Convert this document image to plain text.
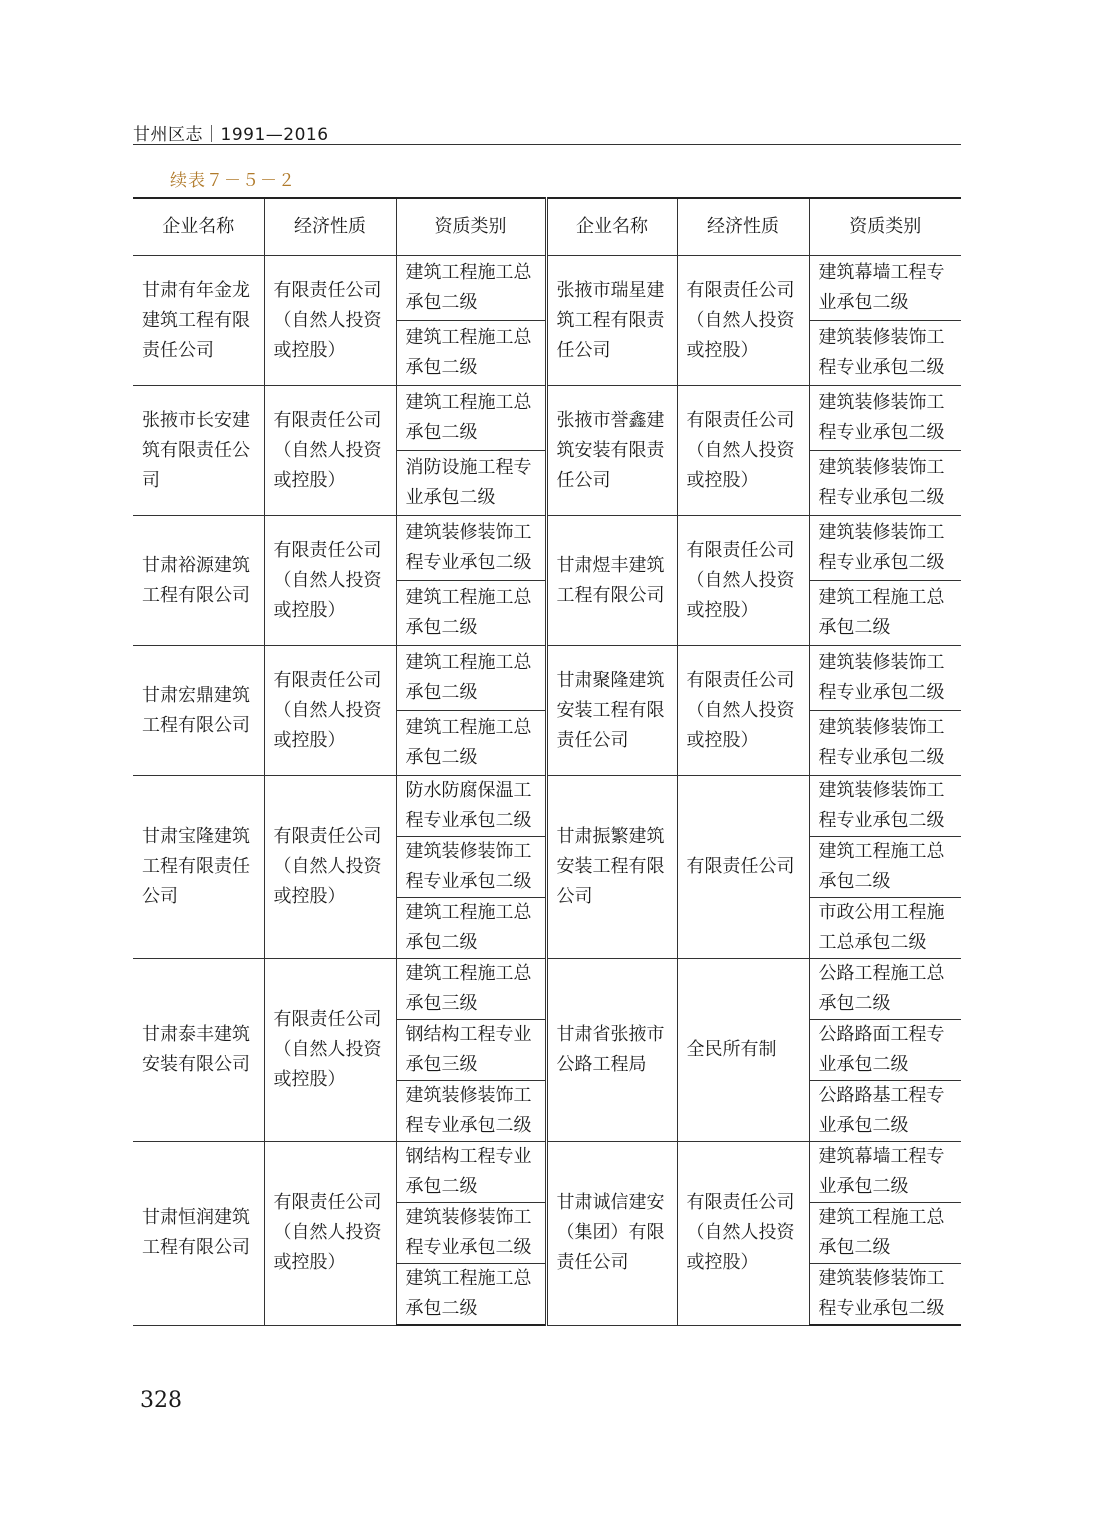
甘州区志｜1991—2016
续表７－５－２
企业名称	经济性质	资质类别	企业名称	经济性质	资质类别
甘肃有年金龙建筑工程有限责任公司	有限责任公司（自然人投资或控股）	建筑工程施工总承包二级	张掖市瑞星建筑工程有限责任公司	有限责任公司（自然人投资或控股）	建筑幕墙工程专业承包二级
		建筑工程施工总承包二级			建筑装修装饰工程专业承包二级
张掖市长安建筑有限责任公司	有限责任公司（自然人投资或控股）	建筑工程施工总承包二级	张掖市誉鑫建筑安装有限责任公司	有限责任公司（自然人投资或控股）	建筑装修装饰工程专业承包二级
		消防设施工程专业承包二级			建筑装修装饰工程专业承包二级
甘肃裕源建筑工程有限公司	有限责任公司（自然人投资或控股）	建筑装修装饰工程专业承包二级	甘肃煜丰建筑工程有限公司	有限责任公司（自然人投资或控股）	建筑装修装饰工程专业承包二级
		建筑工程施工总承包二级			建筑工程施工总承包二级
甘肃宏鼎建筑工程有限公司	有限责任公司（自然人投资或控股）	建筑工程施工总承包二级	甘肃聚隆建筑安装工程有限责任公司	有限责任公司（自然人投资或控股）	建筑装修装饰工程专业承包二级
		建筑工程施工总承包二级			建筑装修装饰工程专业承包二级
甘肃宝隆建筑工程有限责任公司	有限责任公司（自然人投资或控股）	防水防腐保温工程专业承包二级	甘肃振繁建筑安装工程有限公司	有限责任公司	建筑装修装饰工程专业承包二级
		建筑装修装饰工程专业承包二级			建筑工程施工总承包二级
		建筑工程施工总承包二级			市政公用工程施工总承包二级
甘肃泰丰建筑安装有限公司	有限责任公司（自然人投资或控股）	建筑工程施工总承包三级	甘肃省张掖市公路工程局	全民所有制	公路工程施工总承包二级
		钢结构工程专业承包三级			公路路面工程专业承包二级
		建筑装修装饰工程专业承包二级			公路路基工程专业承包二级
甘肃恒润建筑工程有限公司	有限责任公司（自然人投资或控股）	钢结构工程专业承包二级	甘肃诚信建安（集团）有限责任公司	有限责任公司（自然人投资或控股）	建筑幕墙工程专业承包二级
		建筑装修装饰工程专业承包二级			建筑工程施工总承包二级
		建筑工程施工总承包二级			建筑装修装饰工程专业承包二级
328
